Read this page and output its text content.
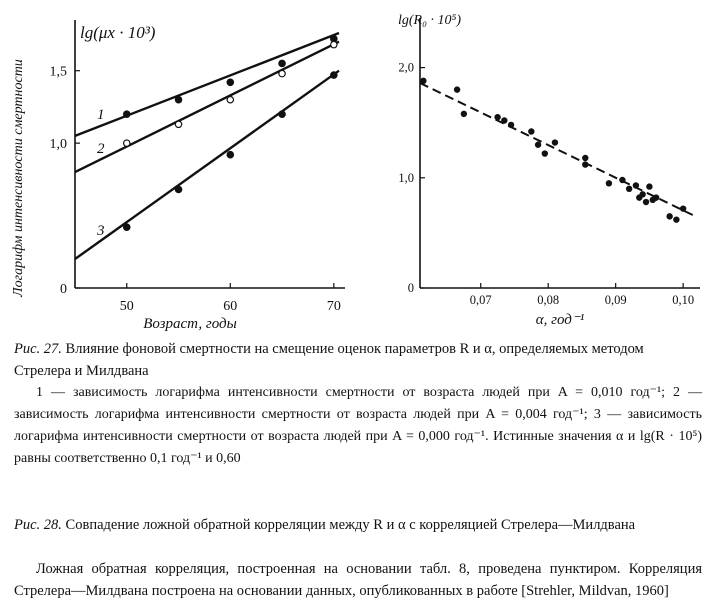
lg(μx · 10³)
Логарифм интенсивности смертности
Возраст, годы
50	60	70
0
1,0
1,5
1
2
3
lg(R₀ · 10⁵)
α, год⁻¹
0,07	0,08	0,09	0,10
0
1,0
2,0
Рис. 27. Влияние фоновой смертности на смещение оценок параметров R и α, определяемых методом Стрелера и Милдвана
1 — зависимость логарифма интенсивности смертности от возраста людей при A = 0,010 год⁻¹; 2 — зависимость логарифма интенсивности смертности от возраста людей при A = 0,004 год⁻¹; 3 — зависимость логарифма интенсивности смертности от возраста людей при A = 0,000 год⁻¹. Истинные значения α и lg(R · 10⁵) равны соответственно 0,1 год⁻¹ и 0,60
Рис. 28. Совпадение ложной обратной корреляции между R и α с корреляцией Стрелера—Милдвана
Ложная обратная корреляция, построенная на основании табл. 8, проведена пунктиром. Корреляция Стрелера—Милдвана построена на основании данных, опубликованных в работе [Strehler, Mildvan, 1960]
